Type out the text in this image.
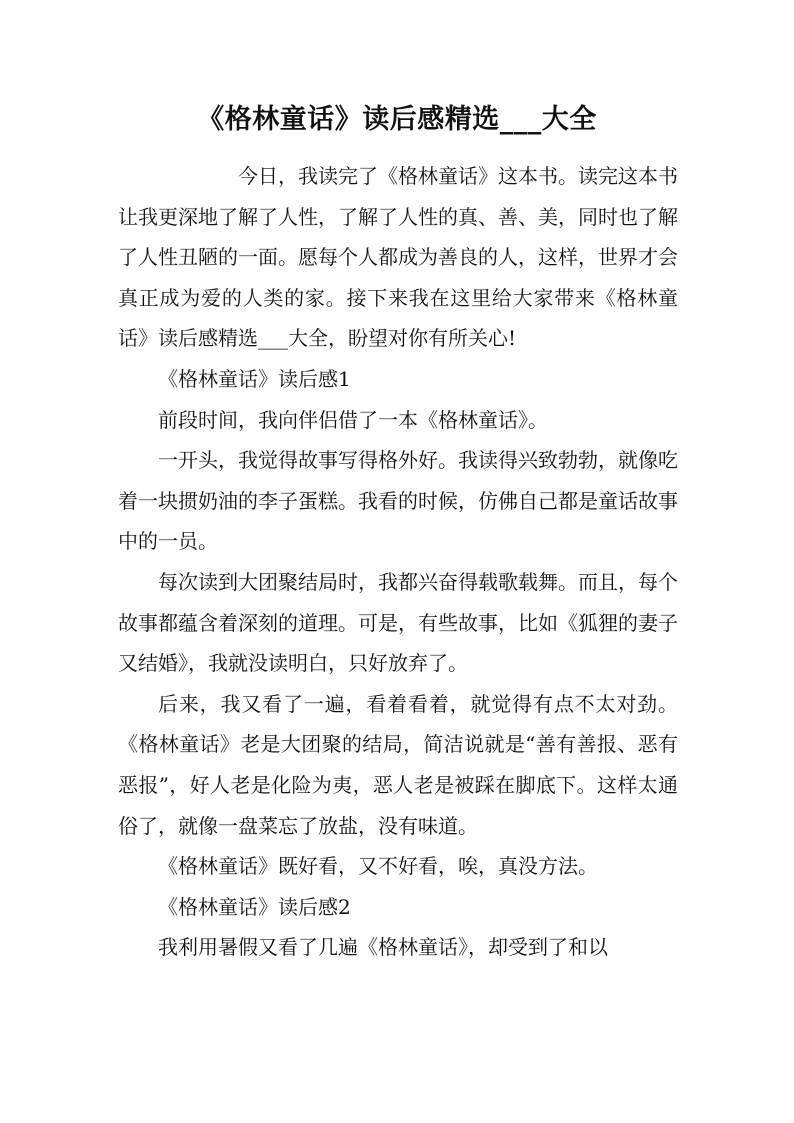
《格林童话》读后感精选___大全

今日，我读完了《格林童话》这本书。读完这本书让我更深地了解了人性，了解了人性的真、善、美，同时也了解了人性丑陋的一面。愿每个人都成为善良的人，这样，世界才会真正成为爱的人类的家。接下来我在这里给大家带来《格林童话》读后感精选___大全，盼望对你有所关心!

《格林童话》读后感1

前段时间，我向伴侣借了一本《格林童话》。

一开头，我觉得故事写得格外好。我读得兴致勃勃，就像吃着一块掼奶油的李子蛋糕。我看的时候，仿佛自己都是童话故事中的一员。

每次读到大团聚结局时，我都兴奋得载歌载舞。而且，每个故事都蕴含着深刻的道理。可是，有些故事，比如《狐狸的妻子又结婚》，我就没读明白，只好放弃了。

后来，我又看了一遍，看着看着，就觉得有点不太对劲。《格林童话》老是大团聚的结局，简洁说就是“善有善报、恶有恶报”，好人老是化险为夷，恶人老是被踩在脚底下。这样太通俗了，就像一盘菜忘了放盐，没有味道。

《格林童话》既好看，又不好看，唉，真没方法。

《格林童话》读后感2

我利用暑假又看了几遍《格林童话》，却受到了和以
